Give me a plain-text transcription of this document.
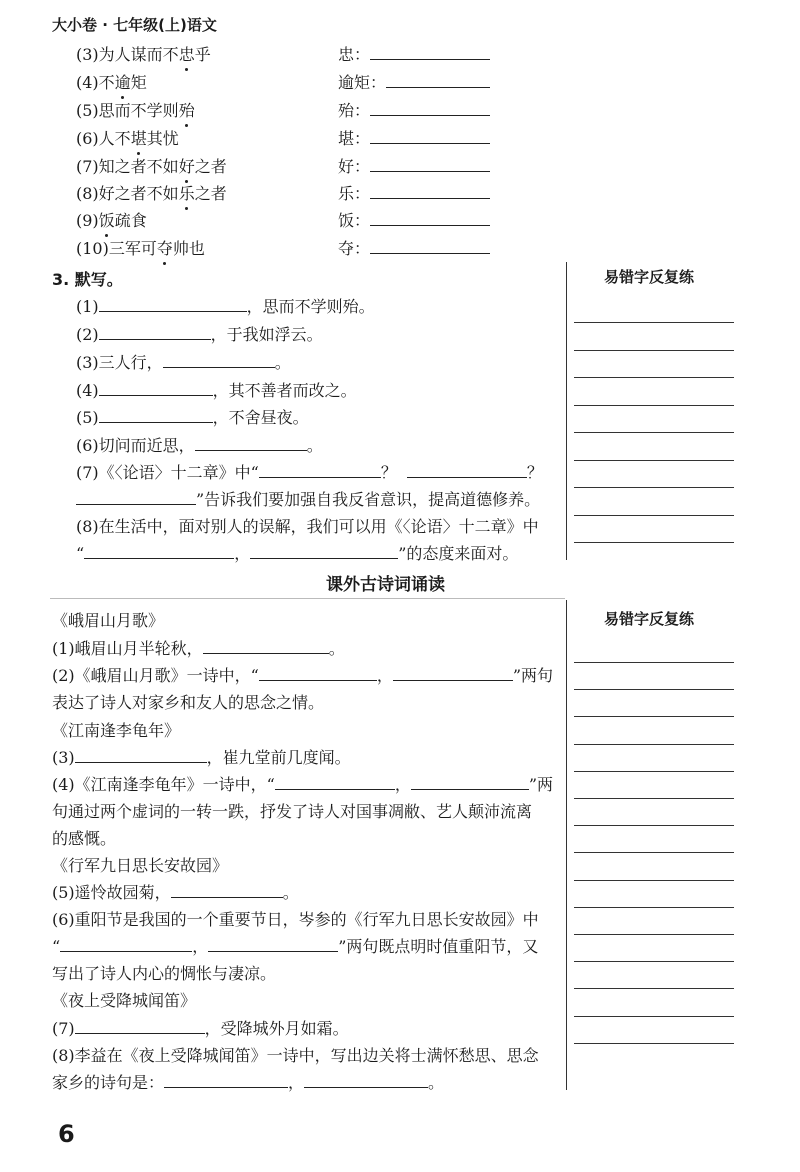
大小卷 · 七年级(上)语文
(3)为人谋而不忠乎	忠：
(4)不逾矩	逾矩：
(5)思而不学则殆	殆：
(6)人不堪其忧	堪：
(7)知之者不如好之者	好：
(8)好之者不如乐之者	乐：
(9)饭疏食	饭：
(10)三军可夺帅也	夺：
3. 默写。
(1)	，思而不学则殆。
(2)	，于我如浮云。
(3)三人行，	。
(4)	，其不善者而改之。
(5)	，不舍昼夜。
(6)切问而近思，	。
(7)《〈论语〉十二章》中“	？	？
”告诉我们要加强自我反省意识，提高道德修养。
(8)在生活中，面对别人的误解，我们可以用《〈论语〉十二章》中
“	，	”的态度来面对。
易错字反复练
课外古诗词诵读
易错字反复练
《峨眉山月歌》
(1)峨眉山月半轮秋，	。
(2)《峨眉山月歌》一诗中，“	，	”两句
表达了诗人对家乡和友人的思念之情。
《江南逢李龟年》
(3)	，崔九堂前几度闻。
(4)《江南逢李龟年》一诗中，“	，	”两
句通过两个虚词的一转一跌，抒发了诗人对国事凋敝、艺人颠沛流离
的感慨。
《行军九日思长安故园》
(5)遥怜故园菊，	。
(6)重阳节是我国的一个重要节日，岑参的《行军九日思长安故园》中
“	，	”两句既点明时值重阳节，又
写出了诗人内心的惆怅与凄凉。
《夜上受降城闻笛》
(7)	，受降城外月如霜。
(8)李益在《夜上受降城闻笛》一诗中，写出边关将士满怀愁思、思念
家乡的诗句是：	，	。
6
